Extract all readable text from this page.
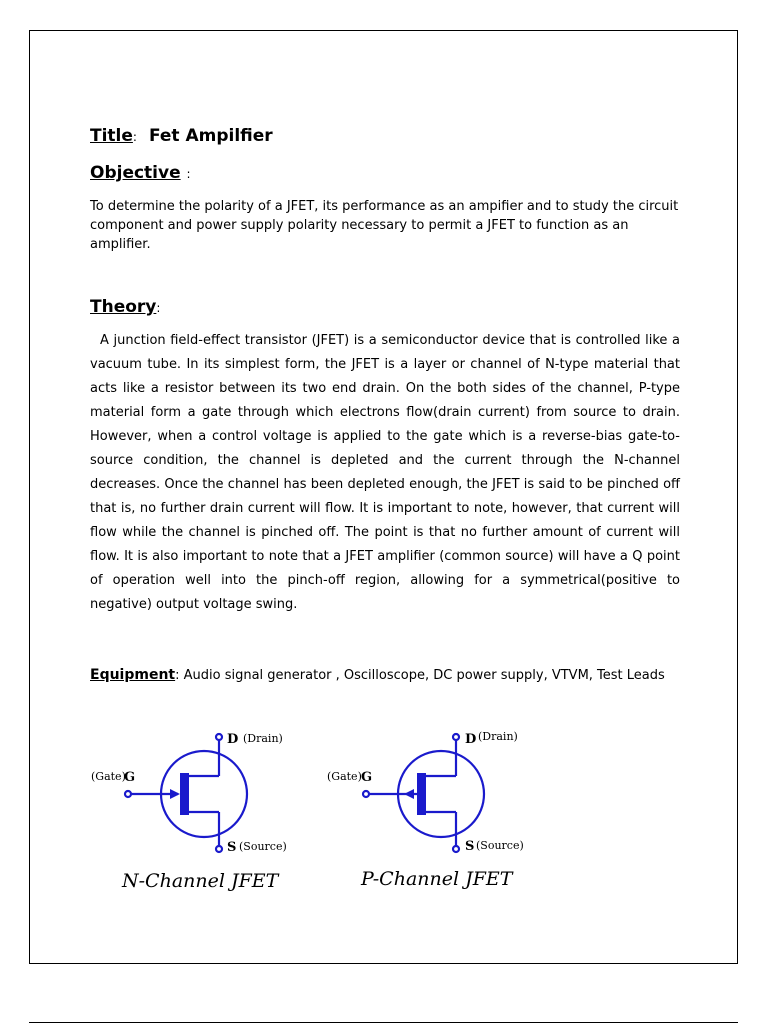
Title: Fet Ampilfier
Objective :

To determine the polarity of a JFET, its performance as an ampifier and to study the circuit component and power supply polarity necessary to permit a JFET to function as an amplifier.

Theory:

A junction field-effect transistor (JFET) is a semiconductor device that is controlled like a vacuum tube. In its simplest form, the JFET is a layer or channel of N-type material that acts like a resistor between its two end drain. On the both sides of the channel, P-type material form a gate through which electrons flow(drain current) from source to drain. However, when a control voltage is applied to the gate which is a reverse-bias gate-to-source condition, the channel is depleted and the current through the N-channel decreases. Once the channel has been depleted enough, the JFET is said to be pinched off that is, no further drain current will flow. It is important to note, however, that current will flow while the channel is pinched off. The point is that no further amount of current will flow. It is also important to note that a JFET amplifier (common source) will have a Q point of operation well into the pinch-off region, allowing for a symmetrical(positive to negative) output voltage swing.

Equipment: Audio signal generator , Oscilloscope, DC power supply, VTVM, Test Leads
D (Drain)
(Gate)
G
S (Source)
N-Channel JFET
D (Drain)
(Gate) G
S (Source)
P-Channel JFET
